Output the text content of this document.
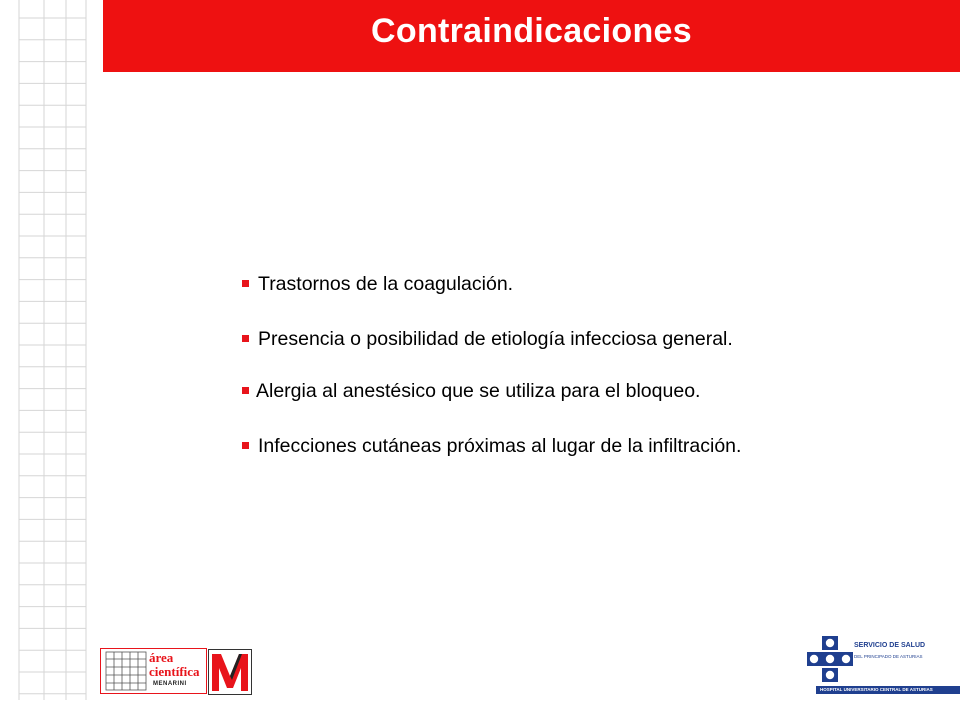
Contraindicaciones
Trastornos de la coagulación.
Presencia o posibilidad de etiología infecciosa general.
Alergia al anestésico que se utiliza para el bloqueo.
Infecciones cutáneas próximas al lugar de la infiltración.
área
científica
MENARINI
SERVICIO DE SALUD
DEL PRINCIPADO DE ASTURIAS
HOSPITAL UNIVERSITARIO CENTRAL DE ASTURIAS
